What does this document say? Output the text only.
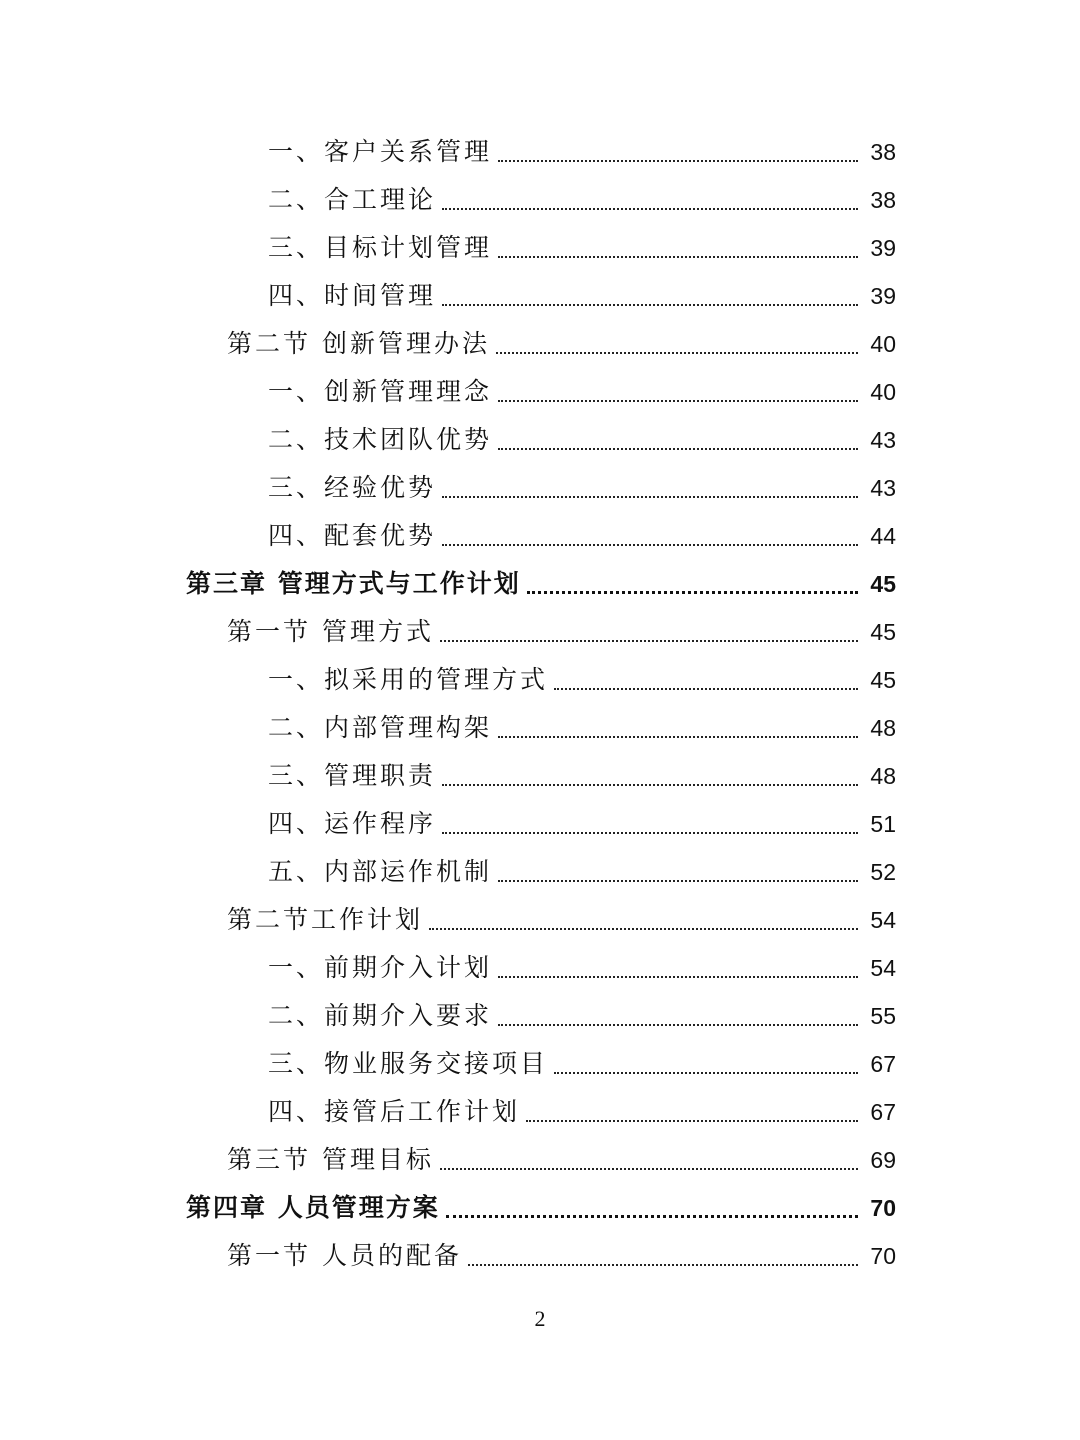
一、客户关系管理	38
二、合工理论	38
三、目标计划管理	39
四、时间管理	39
第二节 创新管理办法	40
一、创新管理理念	40
二、技术团队优势	43
三、经验优势	43
四、配套优势	44
第三章 管理方式与工作计划	45
第一节 管理方式	45
一、拟采用的管理方式	45
二、内部管理构架	48
三、管理职责	48
四、运作程序	51
五、内部运作机制	52
第二节工作计划	54
一、前期介入计划	54
二、前期介入要求	55
三、物业服务交接项目	67
四、接管后工作计划	67
第三节 管理目标	69
第四章 人员管理方案	70
第一节 人员的配备	70
2
